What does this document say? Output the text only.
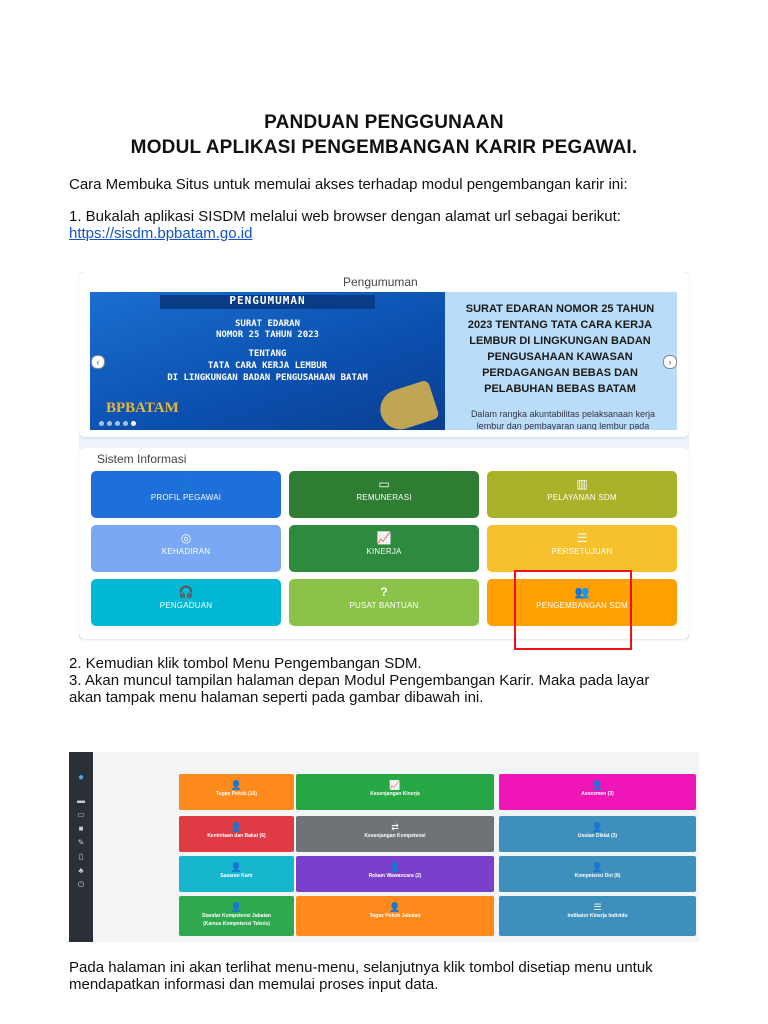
PANDUAN PENGGUNAAN
MODUL APLIKASI PENGEMBANGAN KARIR PEGAWAI.
Cara Membuka Situs untuk memulai akses terhadap modul pengembangan karir ini:
1. Bukalah aplikasi SISDM melalui web browser dengan alamat url sebagai berikut:
https://sisdm.bpbatam.go.id
Pengumuman
PENGUMUMAN
SURAT EDARAN
NOMOR 25 TAHUN 2023
TENTANG
TATA CARA KERJA LEMBUR
DI LINGKUNGAN BADAN PENGUSAHAAN BATAM
BPBATAM
SURAT EDARAN NOMOR 25 TAHUN
2023 TENTANG TATA CARA KERJA
LEMBUR DI LINGKUNGAN BADAN
PENGUSAHAAN KAWASAN
PERDAGANGAN BEBAS DAN
PELABUHAN BEBAS BATAM
Dalam rangka akuntabilitas pelaksanaan kerja
lembur dan pembayaran uang lembur pada
‹	›
Sistem Informasi
👤
PROFIL PEGAWAI
▭
REMUNERASI
▥
PELAYANAN SDM
◎
KEHADIRAN
📈
KINERJA
☰
PERSETUJUAN
🎧
PENGADUAN
?
PUSAT BANTUAN
👥
PENGEMBANGAN SDM
2. Kemudian klik tombol Menu Pengembangan SDM.
3. Akan muncul tampilan halaman depan Modul Pengembangan Karir. Maka pada layar
akan tampak menu halaman seperti pada gambar dibawah ini.
●
▬
▭
■
✎
▯
♣
⏻
👤
Tugas Pokok (10)
📈
Kesenjangan Kinerja
👤
Assesmen (3)
👤
Kemintaan dan Bakat (6)
⇄
Kesenjangan Kompetensi
👤
Usulan Diklat (3)
👤
Sasaran Karir
👤
Rekam Wawancara (2)
👤
Kompetensi Diri (8)
👤
Standar Kompetensi Jabatan
(Kamus Kompetensi Teknis)
👤
Tugas Pokok Jabatan
☰
Indikator Kinerja Individu
Pada halaman ini akan terlihat menu-menu, selanjutnya klik tombol disetiap menu untuk
mendapatkan informasi dan memulai proses input data.
